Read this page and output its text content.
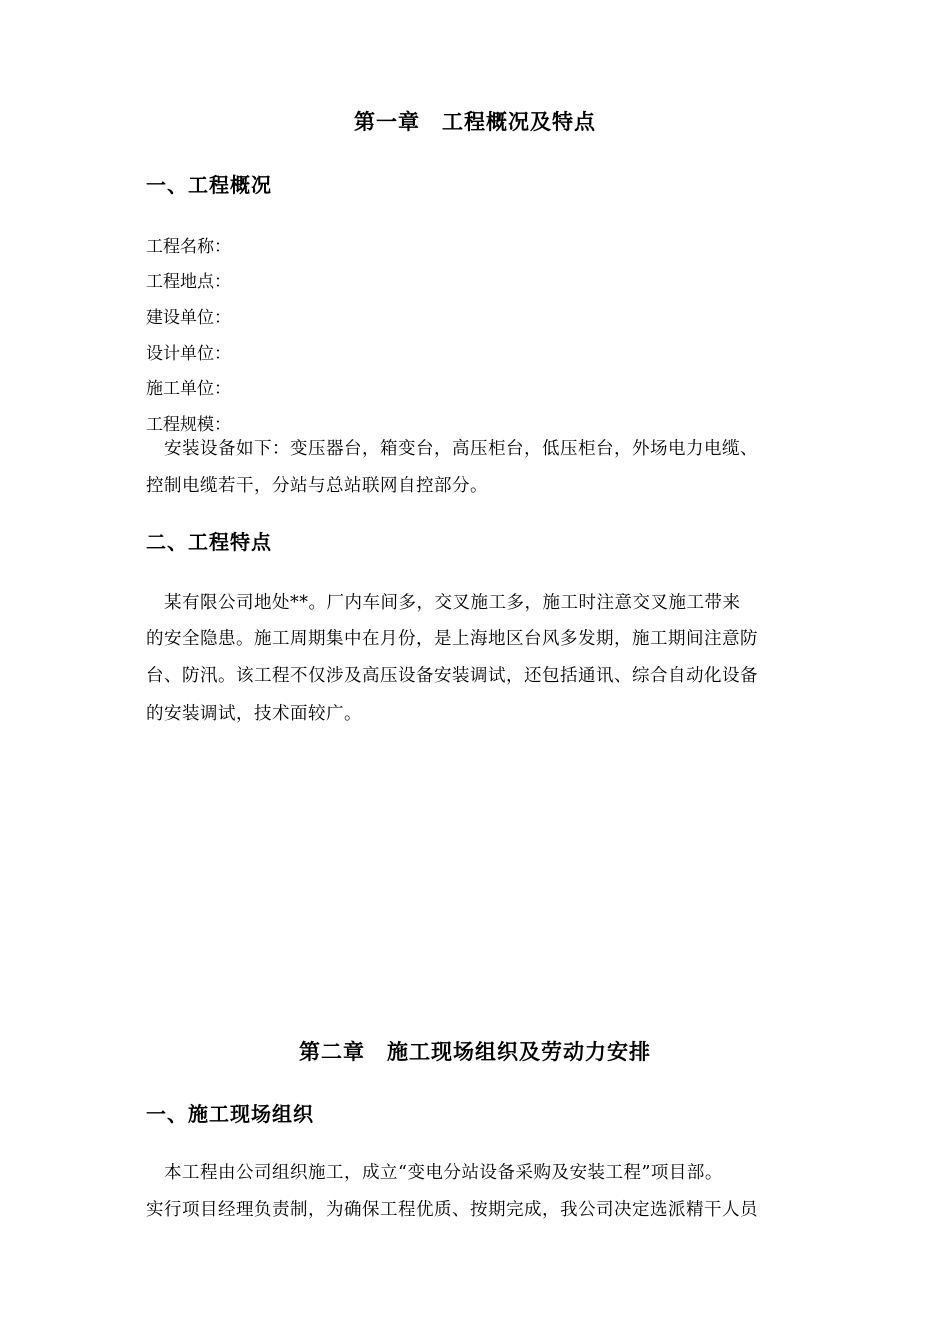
第一章　工程概况及特点
一、工程概况
工程名称：
工程地点：
建设单位：
设计单位：
施工单位：
工程规模：
　安装设备如下：变压器台，箱变台，高压柜台，低压柜台，外场电力电缆、
控制电缆若干，分站与总站联网自控部分。
二、工程特点
　某有限公司地处**。厂内车间多，交叉施工多，施工时注意交叉施工带来
的安全隐患。施工周期集中在月份，是上海地区台风多发期，施工期间注意防
台、防汛。该工程不仅涉及高压设备安装调试，还包括通讯、综合自动化设备
的安装调试，技术面较广。
第二章　施工现场组织及劳动力安排
一、施工现场组织
　本工程由公司组织施工，成立“变电分站设备采购及安装工程”项目部。
实行项目经理负责制，为确保工程优质、按期完成，我公司决定选派精干人员
